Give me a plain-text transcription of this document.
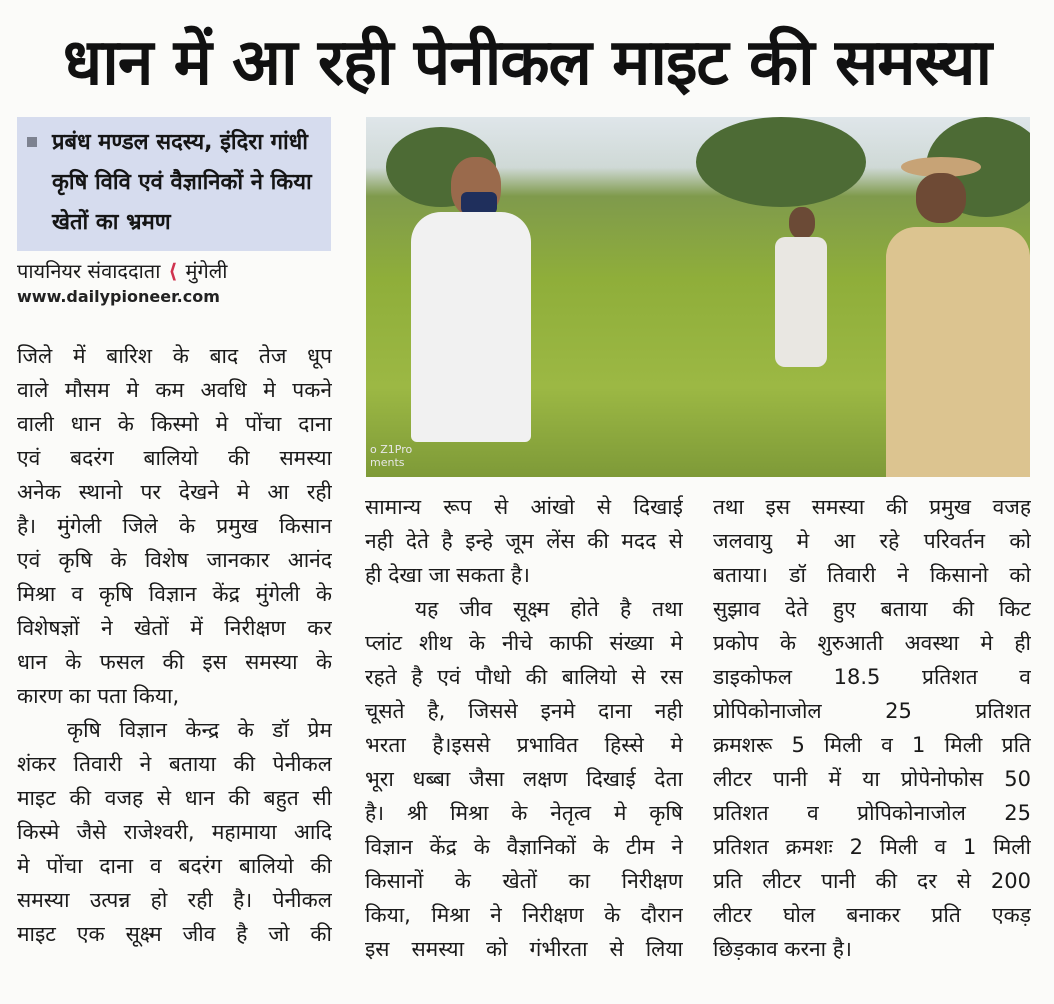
धान में आ रही पेनीकल माइट की समस्या
प्रबंध मण्डल सदस्य, इंदिरा गांधी कृषि विवि एवं वैज्ञानिकों ने किया खेतों का भ्रमण
पायनियर संवाददाता ⟨ मुंगेली
www.dailypioneer.com
o Z1Pro
ments
जिले में बारिश के बाद तेज धूप
वाले मौसम मे कम अवधि मे पकने
वाली धान के किस्मो मे पोंचा दाना
एवं बदरंग बालियो की समस्या
अनेक स्थानो पर देखने मे आ रही
है। मुंगेली जिले के प्रमुख किसान
एवं कृषि के विशेष जानकार आनंद
मिश्रा व कृषि विज्ञान केंद्र मुंगेली के
विशेषज्ञों ने खेतों में निरीक्षण कर
धान के फसल की इस समस्या के
कारण का पता किया,
कृषि विज्ञान केन्द्र के डॉ प्रेम
शंकर तिवारी ने बताया की पेनीकल
माइट की वजह से धान की बहुत सी
किस्मे जैसे राजेश्वरी, महामाया आदि
मे पोंचा दाना व बदरंग बालियो की
समस्या उत्पन्न हो रही है। पेनीकल
माइट एक सूक्ष्म जीव है जो की
सामान्य रूप से आंखो से दिखाई
नही देते है इन्हे जूम लेंस की मदद से
ही देखा जा सकता है।
यह जीव सूक्ष्म होते है तथा
प्लांट शीथ के नीचे काफी संख्या मे
रहते है एवं पौधो की बालियो से रस
चूसते है, जिससे इनमे दाना नही
भरता है।इससे प्रभावित हिस्से मे
भूरा धब्बा जैसा लक्षण दिखाई देता
है। श्री मिश्रा के नेतृत्व मे कृषि
विज्ञान केंद्र के वैज्ञानिकों के टीम ने
किसानों के खेतों का निरीक्षण
किया, मिश्रा ने निरीक्षण के दौरान
इस समस्या को गंभीरता से लिया
तथा इस समस्या की प्रमुख वजह
जलवायु मे आ रहे परिवर्तन को
बताया। डॉ तिवारी ने किसानो को
सुझाव देते हुए बताया की किट
प्रकोप के शुरुआती अवस्था मे ही
डाइकोफल 18.5 प्रतिशत व
प्रोपिकोनाजोल 25 प्रतिशत
क्रमशरू 5 मिली व 1 मिली प्रति
लीटर पानी में या प्रोपेनोफोस 50
प्रतिशत व प्रोपिकोनाजोल 25
प्रतिशत क्रमशः 2 मिली व 1 मिली
प्रति लीटर पानी की दर से 200
लीटर घोल बनाकर प्रति एकड़
छिड़काव करना है।
